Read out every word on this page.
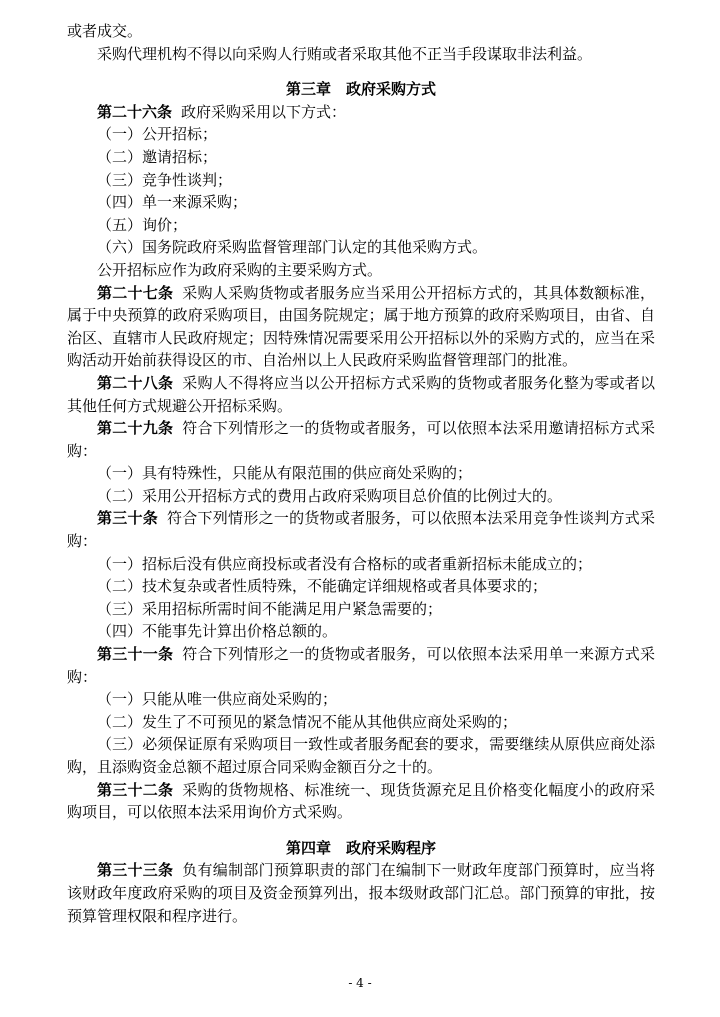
或者成交。

采购代理机构不得以向采购人行贿或者采取其他不正当手段谋取非法利益。

第三章　政府采购方式

第二十六条 政府采购采用以下方式：

（一）公开招标；

（二）邀请招标；

（三）竞争性谈判；

（四）单一来源采购；

（五）询价；

（六）国务院政府采购监督管理部门认定的其他采购方式。

公开招标应作为政府采购的主要采购方式。

第二十七条 采购人采购货物或者服务应当采用公开招标方式的，其具体数额标准，属于中央预算的政府采购项目，由国务院规定；属于地方预算的政府采购项目，由省、自治区、直辖市人民政府规定；因特殊情况需要采用公开招标以外的采购方式的，应当在采购活动开始前获得设区的市、自治州以上人民政府采购监督管理部门的批准。

第二十八条 采购人不得将应当以公开招标方式采购的货物或者服务化整为零或者以其他任何方式规避公开招标采购。

第二十九条 符合下列情形之一的货物或者服务，可以依照本法采用邀请招标方式采购：

（一）具有特殊性，只能从有限范围的供应商处采购的；

（二）采用公开招标方式的费用占政府采购项目总价值的比例过大的。

第三十条 符合下列情形之一的货物或者服务，可以依照本法采用竞争性谈判方式采购：

（一）招标后没有供应商投标或者没有合格标的或者重新招标未能成立的；

（二）技术复杂或者性质特殊，不能确定详细规格或者具体要求的；

（三）采用招标所需时间不能满足用户紧急需要的；

（四）不能事先计算出价格总额的。

第三十一条 符合下列情形之一的货物或者服务，可以依照本法采用单一来源方式采购：

（一）只能从唯一供应商处采购的；

（二）发生了不可预见的紧急情况不能从其他供应商处采购的；

（三）必须保证原有采购项目一致性或者服务配套的要求，需要继续从原供应商处添购，且添购资金总额不超过原合同采购金额百分之十的。

第三十二条 采购的货物规格、标准统一、现货货源充足且价格变化幅度小的政府采购项目，可以依照本法采用询价方式采购。

第四章　政府采购程序

第三十三条 负有编制部门预算职责的部门在编制下一财政年度部门预算时，应当将该财政年度政府采购的项目及资金预算列出，报本级财政部门汇总。部门预算的审批，按预算管理权限和程序进行。

- 4 -
